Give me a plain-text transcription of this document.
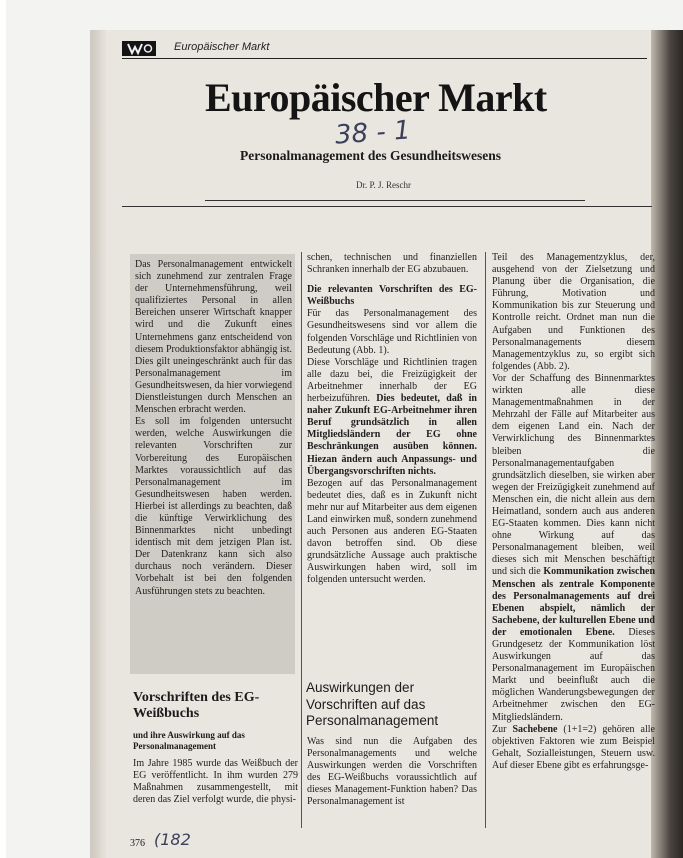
Europäischer Markt
Europäischer Markt
38 - 1
Personalmanagement des Gesundheitswesens
Dr. P. J. Reschr

Das Personalmanagement entwickelt sich zunehmend zur zentralen Frage der Unternehmensführung, weil qualifiziertes Personal in allen Bereichen unserer Wirtschaft knapper wird und die Zukunft eines Unternehmens ganz entscheidend von diesem Produktionsfaktor abhängig ist. Dies gilt uneingeschränkt auch für das Personalmanagement im Gesundheitswesen, da hier vorwiegend Dienstleistungen durch Menschen an Menschen erbracht werden.

Es soll im folgenden untersucht werden, welche Auswirkungen die relevanten Vorschriften zur Vorbereitung des Europäischen Marktes voraussichtlich auf das Personalmanagement im Gesundheitswesen haben werden. Hierbei ist allerdings zu beachten, daß die künftige Verwirklichung des Binnenmarktes nicht unbedingt identisch mit dem jetzigen Plan ist. Der Datenkranz kann sich also durchaus noch verändern. Dieser Vorbehalt ist bei den folgenden Ausführungen stets zu beachten.

schen, technischen und finanziellen Schranken innerhalb der EG abzubauen.

Die relevanten Vorschriften des EG-Weißbuchs

Für das Personalmanagement des Gesundheitswesens sind vor allem die folgenden Vorschläge und Richtlinien von Bedeutung (Abb. 1).

Diese Vorschläge und Richtlinien tragen alle dazu bei, die Freizügigkeit der Arbeitnehmer innerhalb der EG herbeizuführen. Dies bedeutet, daß in naher Zukunft EG-Arbeitnehmer ihren Beruf grundsätzlich in allen Mitgliedsländern der EG ohne Beschränkungen ausüben können. Hiezan ändern auch Anpassungs- und Übergangsvorschriften nichts.

Bezogen auf das Personalmanagement bedeutet dies, daß es in Zukunft nicht mehr nur auf Mitarbeiter aus dem eigenen Land einwirken muß, sondern zunehmend auch Personen aus anderen EG-Staaten davon betroffen sind. Ob diese grundsätzliche Aussage auch praktische Auswirkungen haben wird, soll im folgenden untersucht werden.

Teil des Managementzyklus, der, ausgehend von der Zielsetzung und Planung über die Organisation, die Führung, Motivation und Kommunikation bis zur Steuerung und Kontrolle reicht. Ordnet man nun die Aufgaben und Funktionen des Personalmanagements diesem Managementzyklus zu, so ergibt sich folgendes (Abb. 2).

Vor der Schaffung des Binnenmarktes wirkten alle diese Managementmaßnahmen in der Mehrzahl der Fälle auf Mitarbeiter aus dem eigenen Land ein. Nach der Verwirklichung des Binnenmarktes bleiben die Personalmanagementaufgaben grundsätzlich dieselben, sie wirken aber wegen der Freizügigkeit zunehmend auf Menschen ein, die nicht allein aus dem Heimatland, sondern auch aus anderen EG-Staaten kommen. Dies kann nicht ohne Wirkung auf das Personalmanagement bleiben, weil dieses sich mit Menschen beschäftigt und sich die Kommunikation zwischen Menschen als zentrale Komponente des Personalmanagements auf drei Ebenen abspielt, nämlich der Sachebene, der kulturellen Ebene und der emotionalen Ebene. Dieses Grundgesetz der Kommunikation löst Auswirkungen auf das Personalmanagement im Europäischen Markt und beeinflußt auch die möglichen Wanderungsbewegungen der Arbeitnehmer zwischen den EG-Mitgliedsländern.

Zur Sachebene (1+1=2) gehören alle objektiven Faktoren wie zum Beispiel Gehalt, Sozialleistungen, Steuern usw. Auf dieser Ebene gibt es erfahrungsge-

Vorschriften des EG-Weißbuchs
und ihre Auswirkung auf das Personalmanagement

Im Jahre 1985 wurde das Weißbuch der EG veröffentlicht. In ihm wurden 279 Maßnahmen zusammengestellt, mit deren das Ziel verfolgt wurde, die physi-

Auswirkungen der Vorschriften auf das Personalmanagement

Was sind nun die Aufgaben des Personalmanagements und welche Auswirkungen werden die Vorschriften des EG-Weißbuchs voraussichtlich auf dieses Management-Funktion haben? Das Personalmanagement ist

376 (182
